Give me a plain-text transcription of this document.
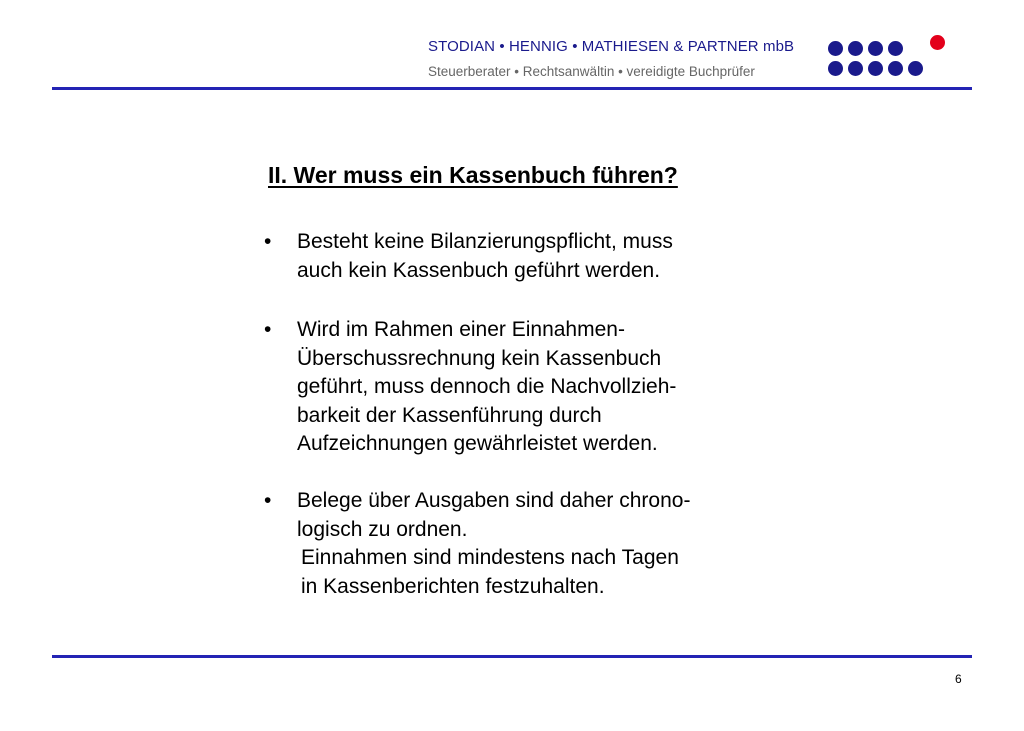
STODIAN • HENNIG • MATHIESEN & PARTNER mbB
Steuerberater • Rechtsanwältin • vereidigte Buchprüfer
II. Wer muss ein Kassenbuch führen?
•	Besteht keine Bilanzierungspflicht, muss
auch kein Kassenbuch geführt werden.
•	Wird im Rahmen einer Einnahmen-
Überschussrechnung kein Kassenbuch
geführt, muss dennoch die Nachvollzieh-
barkeit der Kassenführung durch
Aufzeichnungen gewährleistet werden.
•	Belege über Ausgaben sind daher chrono-
logisch zu ordnen.
Einnahmen sind mindestens nach Tagen
in Kassenberichten festzuhalten.
6
